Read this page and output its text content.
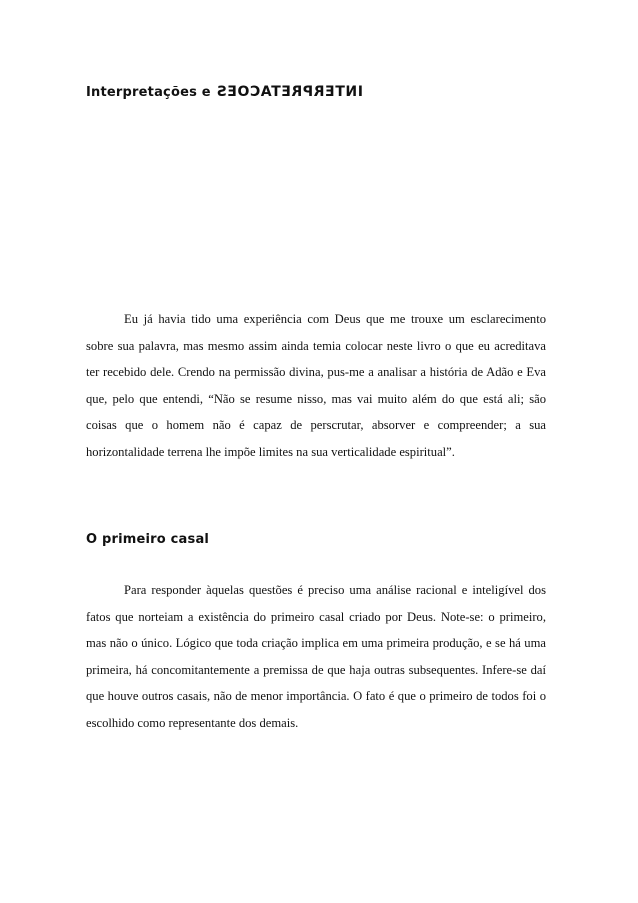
Interpretações e INTERPRETACOES

Eu já havia tido uma experiência com Deus que me trouxe um esclarecimento sobre sua palavra, mas mesmo assim ainda temia colocar neste livro o que eu acreditava ter recebido dele. Crendo na permissão divina, pus-me a analisar a história de Adão e Eva que, pelo que entendi, “Não se resume nisso, mas vai muito além do que está ali; são coisas que o homem não é capaz de perscrutar, absorver e compreender; a sua horizontalidade terrena lhe impõe limites na sua verticalidade espiritual”.

O primeiro casal

Para responder àquelas questões é preciso uma análise racional e inteligível dos fatos que norteiam a existência do primeiro casal criado por Deus. Note-se: o primeiro, mas não o único. Lógico que toda criação implica em uma primeira produção, e se há uma primeira, há concomitantemente a premissa de que haja outras subsequentes. Infere-se daí que houve outros casais, não de menor importância. O fato é que o primeiro de todos foi o escolhido como representante dos demais.
